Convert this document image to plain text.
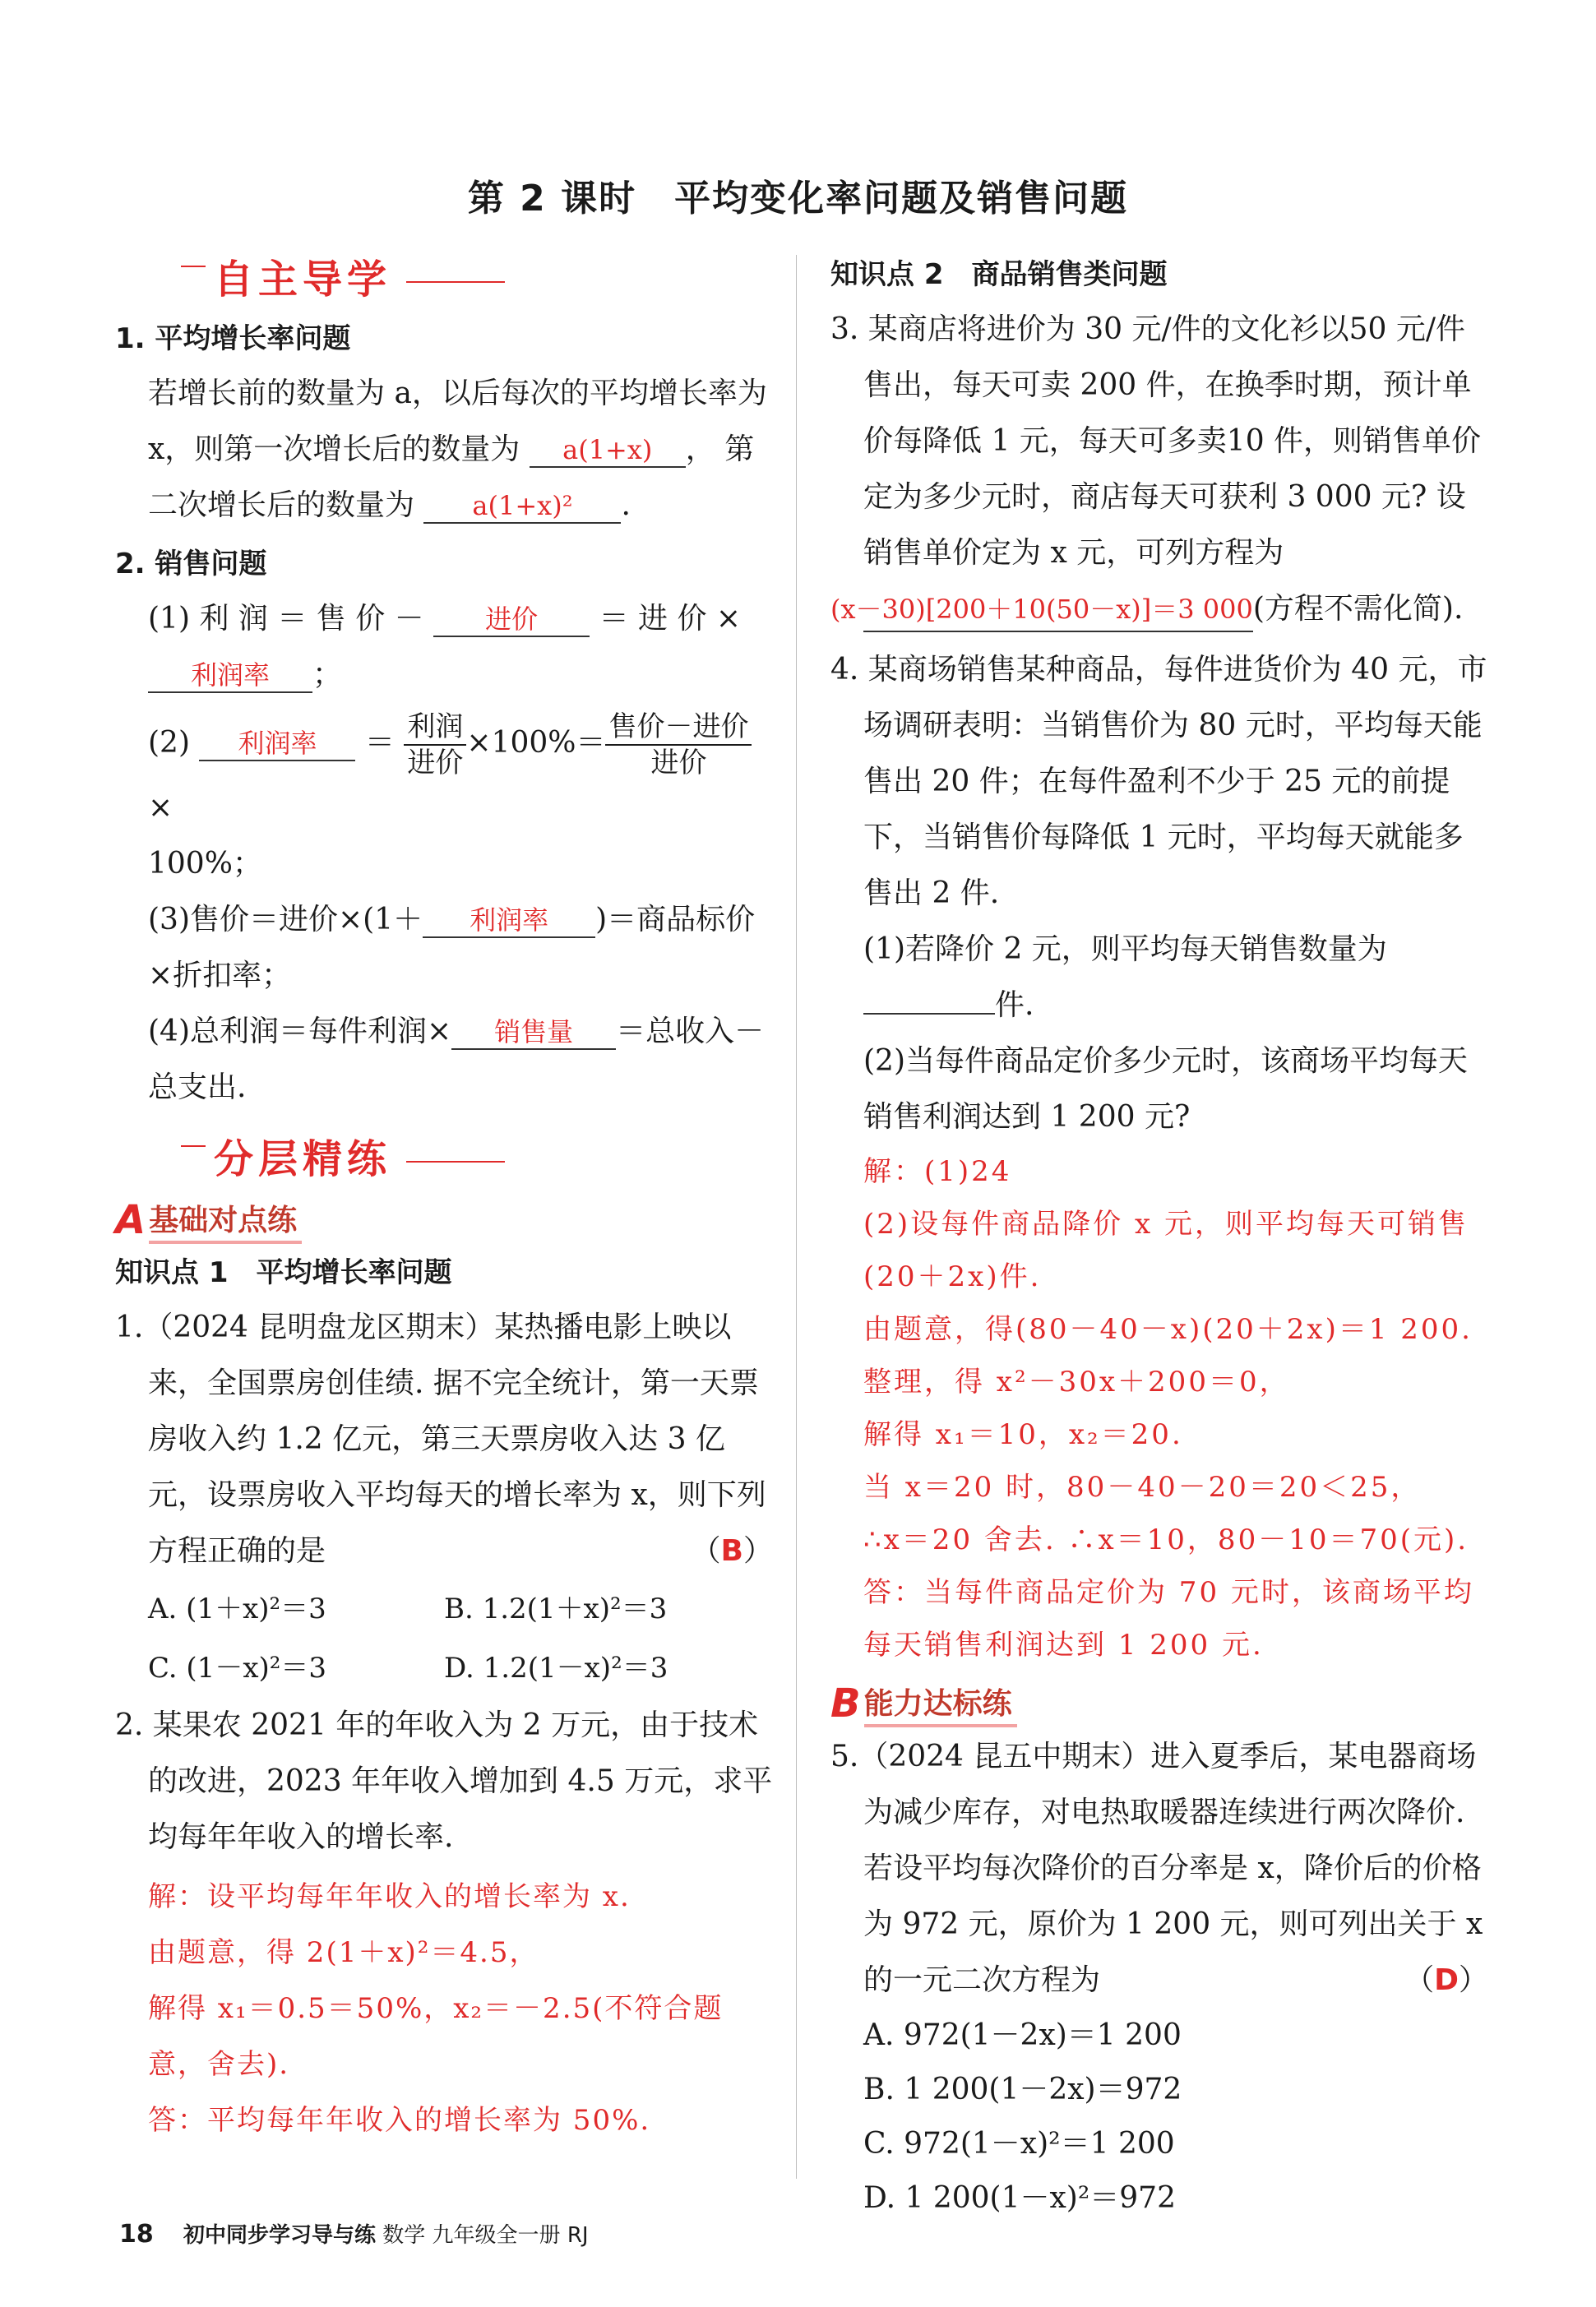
第 2 课时　平均变化率问题及销售问题
自主导学
1. 平均增长率问题
若增长前的数量为 a，以后每次的平均增长率为 x，则第一次增长后的数量为 a(1+x) ， 第二次增长后的数量为 a(1+x)² .
2. 销售问题
(1) 利 润 ＝ 售 价 － 进价 ＝ 进 价 ×
利润率 ；
(2) 利润率 ＝ $\frac{\text{利润}}{\text{进价}} \times 100\%= \frac{\text{售价－进价}}{\text{进价}}$
×
100%；
(3)售价＝进价×(1＋ 利润率 )＝商品标价×折扣率；
(4)总利润＝每件利润× 销售量 ＝总收入－总支出.
分层精练
A 基础对点练
知识点 1　平均增长率问题
1.（2024 昆明盘龙区期末）某热播电影上映以来，全国票房创佳绩. 据不完全统计，第一天票房收入约 1.2 亿元，第三天票房收入达 3 亿元，设票房收入平均每天的增长率为 x，则下列方程正确的是	（B）
A. (1＋x)²＝3	B. 1.2(1＋x)²＝3
C. (1－x)²＝3	D. 1.2(1－x)²＝3
2. 某果农 2021 年的年收入为 2 万元，由于技术的改进，2023 年年收入增加到 4.5 万元，求平均每年年收入的增长率.
解：设平均每年年收入的增长率为 x.
由题意，得 2(1＋x)²＝4.5，
解得 x₁＝0.5＝50%，x₂＝－2.5(不符合题意，舍去).
答：平均每年年收入的增长率为 50%.
知识点 2　商品销售类问题
3. 某商店将进价为 30 元/件的文化衫以50 元/件售出，每天可卖 200 件，在换季时期，预计单价每降低 1 元，每天可多卖10 件，则销售单价定为多少元时，商店每天可获利 3 000 元? 设销售单价定为 x 元，可列方程为 (x－30)[200＋10(50－x)]＝3 000(方程不需化简).
4. 某商场销售某种商品，每件进货价为 40 元，市场调研表明：当销售价为 80 元时，平均每天能售出 20 件；在每件盈利不少于 25 元的前提下，当销售价每降低 1 元时，平均每天就能多售出 2 件.
(1)若降价 2 元，则平均每天销售数量为
件.
(2)当每件商品定价多少元时，该商场平均每天销售利润达到 1 200 元?
解：(1)24
(2)设每件商品降价 x 元，则平均每天可销售(20＋2x)件.
由题意，得(80－40－x)(20＋2x)＝1 200.
整理，得 x²－30x＋200＝0，
解得 x₁＝10，x₂＝20.
当 x＝20 时，80－40－20＝20＜25，
∴x＝20 舍去. ∴x＝10，80－10＝70(元).
答：当每件商品定价为 70 元时，该商场平均每天销售利润达到 1 200 元.
B 能力达标练
5.（2024 昆五中期末）进入夏季后，某电器商场为减少库存，对电热取暖器连续进行两次降价. 若设平均每次降价的百分率是 x，降价后的价格为 972 元，原价为 1 200 元，则可列出关于 x 的一元二次方程为	（D）
A. 972(1－2x)＝1 200
B. 1 200(1－2x)＝972
C. 972(1－x)²＝1 200
D. 1 200(1－x)²＝972
18 初中同步学习导与练 数学 九年级全一册 RJ
